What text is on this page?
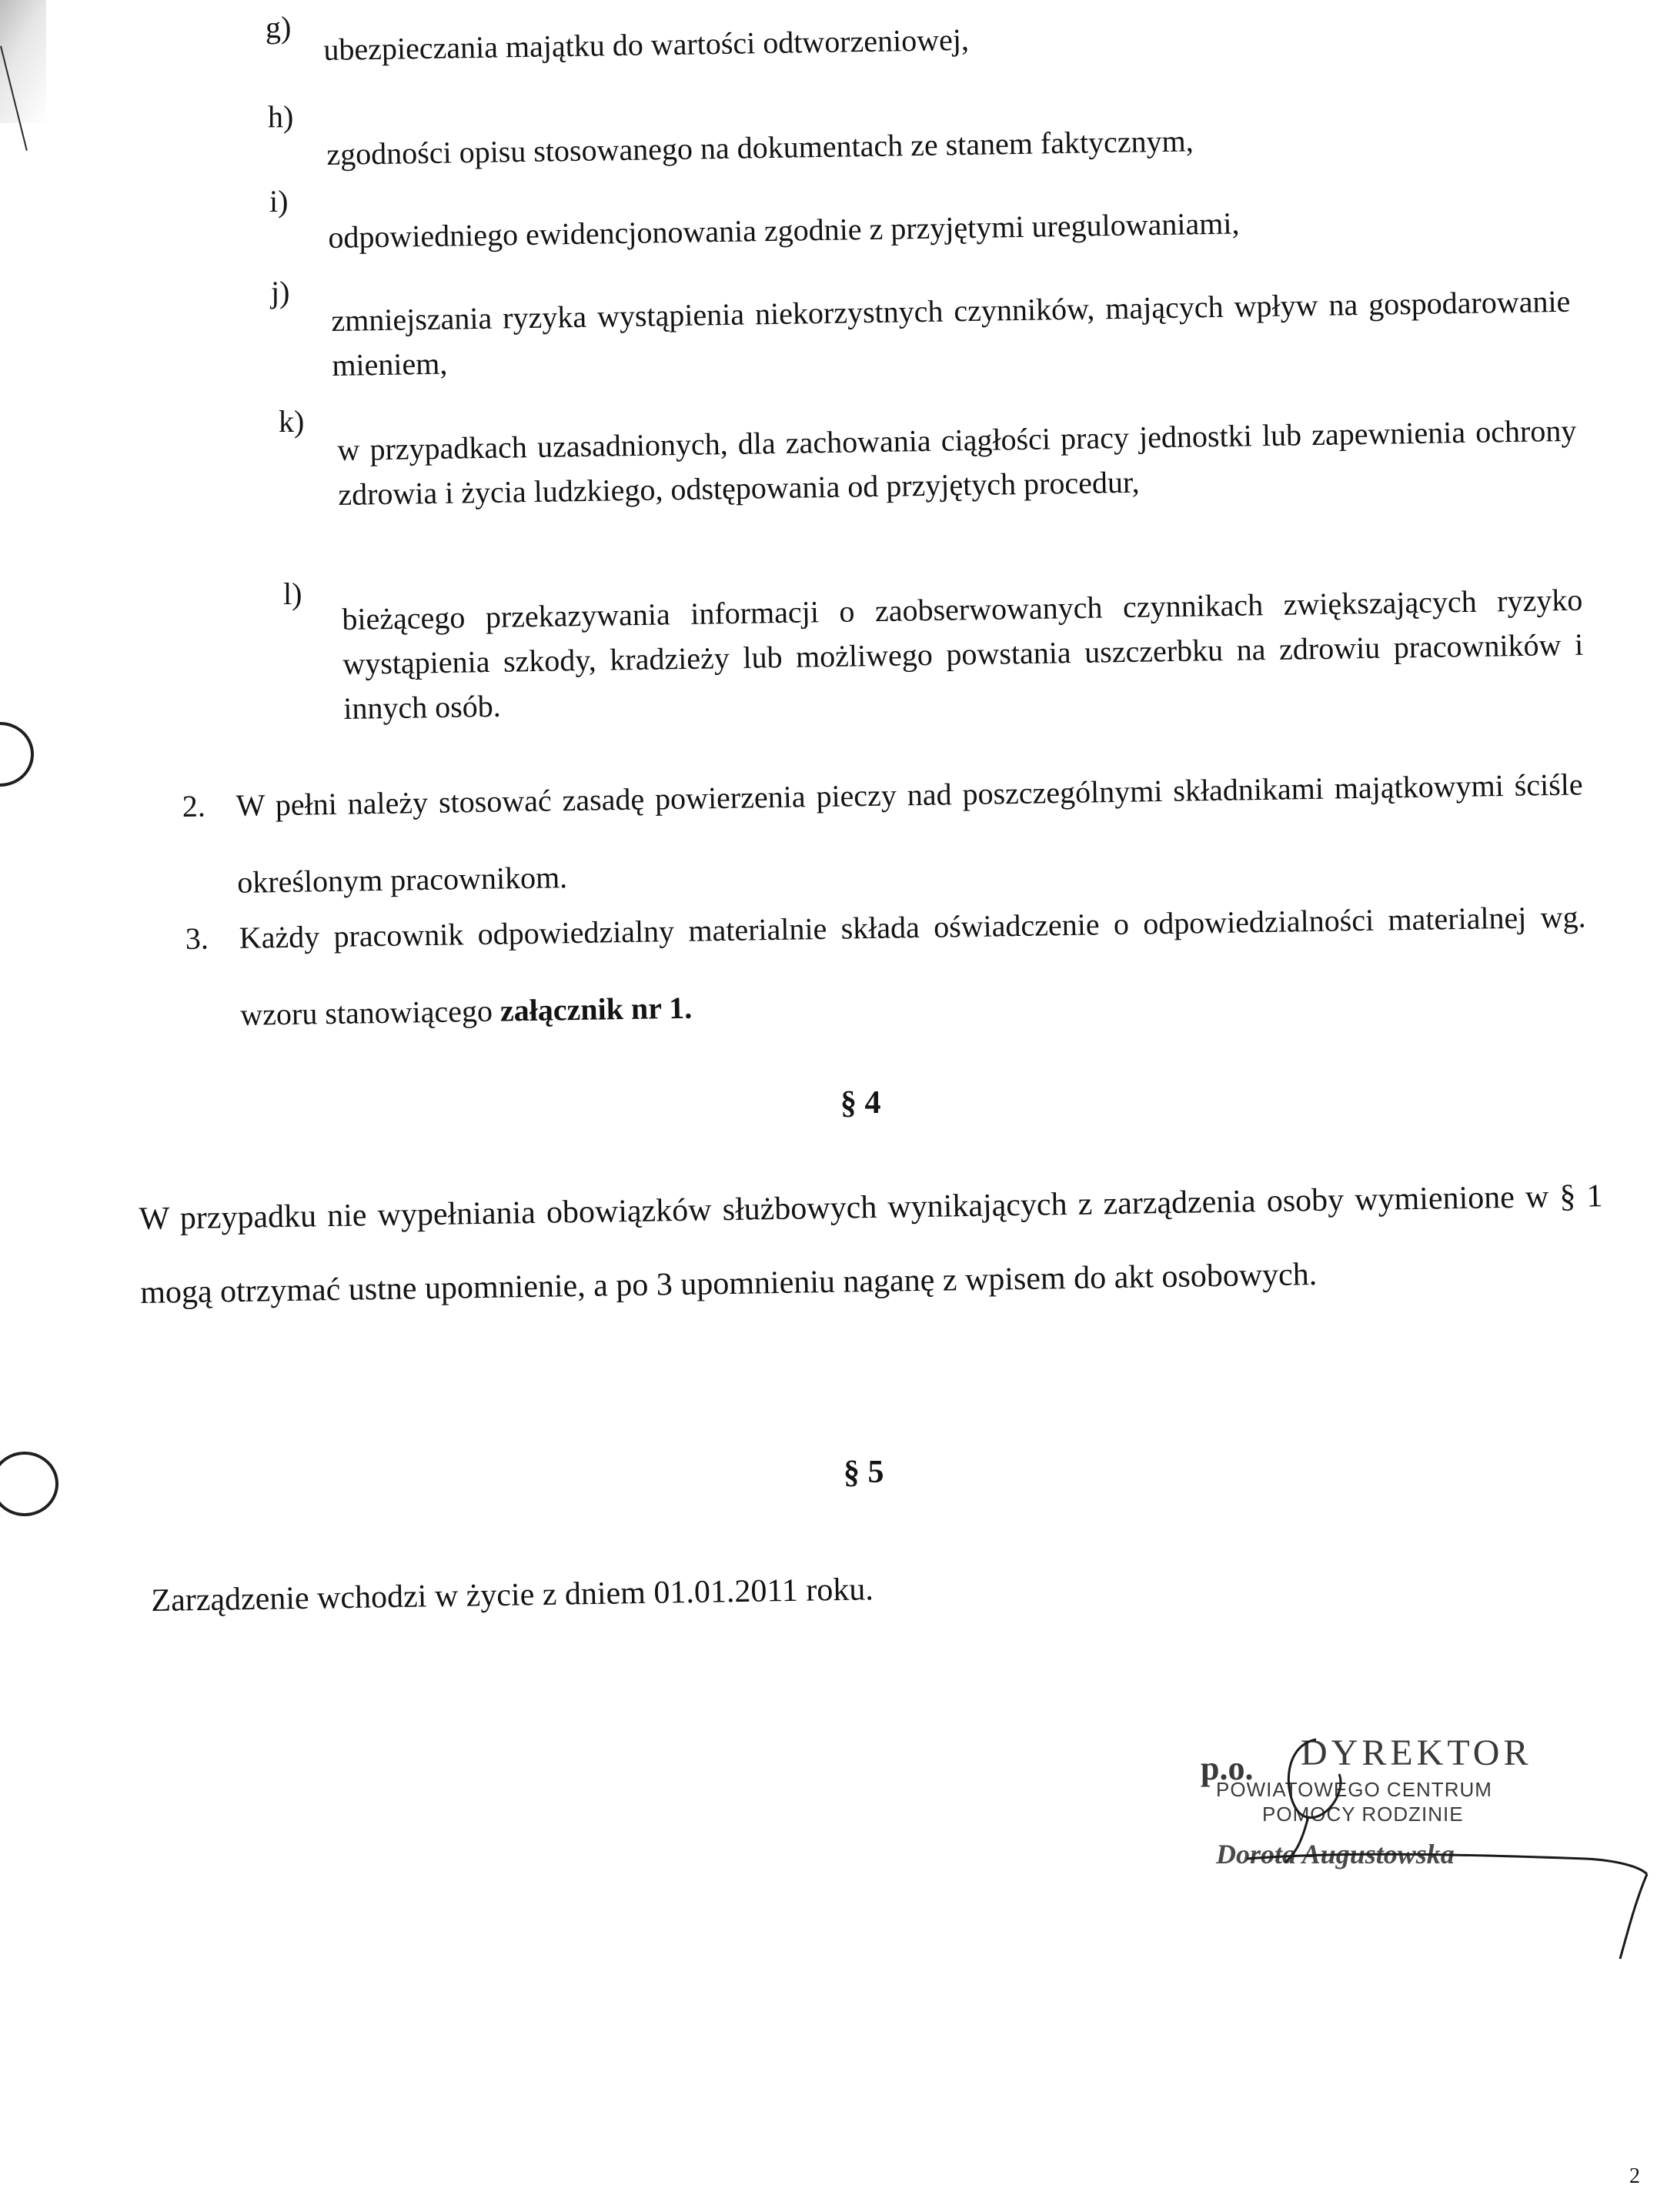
g) ubezpieczania majątku do wartości odtworzeniowej,
h)
zgodności opisu stosowanego na dokumentach ze stanem faktycznym,
i)
odpowiedniego ewidencjonowania zgodnie z przyjętymi uregulowaniami,
j) zmniejszania ryzyka wystąpienia niekorzystnych czynników, mających wpływ na gospodarowanie mieniem,
k) w przypadkach uzasadnionych, dla zachowania ciągłości pracy jednostki lub zapewnienia ochrony zdrowia i życia ludzkiego, odstępowania od przyjętych procedur,
l) bieżącego przekazywania informacji o zaobserwowanych czynnikach zwiększających ryzyko wystąpienia szkody, kradzieży lub możliwego powstania uszczerbku na zdrowiu pracowników i innych osób.
2. W pełni należy stosować zasadę powierzenia pieczy nad poszczególnymi składnikami majątkowymi ściśle określonym pracownikom.
3. Każdy pracownik odpowiedzialny materialnie składa oświadczenie o odpowiedzialności materialnej wg. wzoru stanowiącego załącznik nr 1.
§ 4
W przypadku nie wypełniania obowiązków służbowych wynikających z zarządzenia osoby wymienione w § 1 mogą otrzymać ustne upomnienie, a po 3 upomnieniu naganę z wpisem do akt osobowych.
§ 5
Zarządzenie wchodzi w życie z dniem 01.01.2011 roku.
p.o. DYREKTOR
POWIATOWEGO CENTRUM
POMOCY RODZINIE
Dorota Augustowska
2
